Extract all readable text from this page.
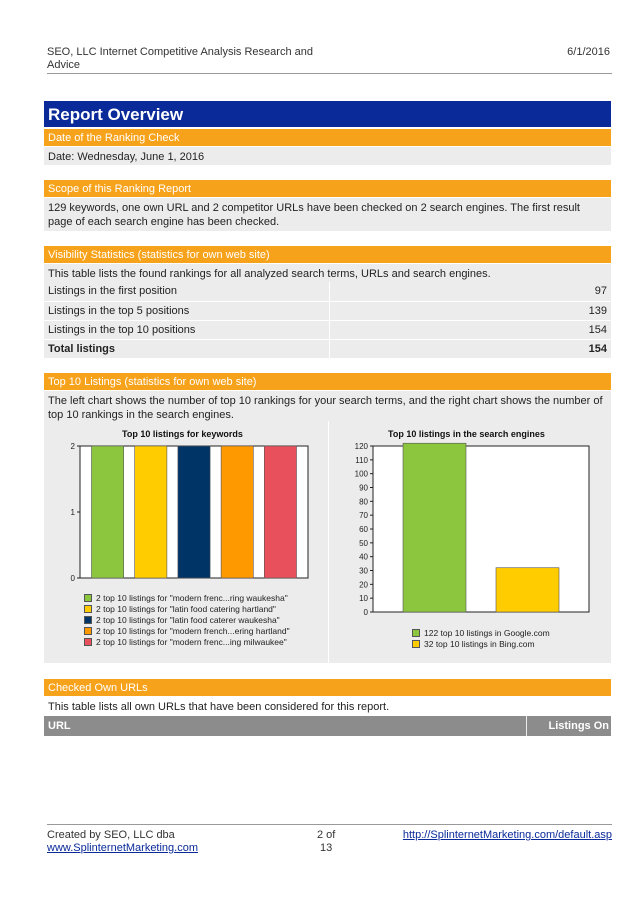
SEO, LLC Internet Competitive Analysis Research and Advice
6/1/2016
Report Overview
Date of the Ranking Check
Date: Wednesday, June 1, 2016
Scope of this Ranking Report
129 keywords, one own URL and 2 competitor URLs have been checked on 2 search engines. The first result page of each search engine has been checked.
Visibility Statistics (statistics for own web site)
This table lists the found rankings for all analyzed search terms, URLs and search engines.
Listings in the first position	97
Listings in the top 5 positions	139
Listings in the top 10 positions	154
Total listings	154
Top 10 Listings (statistics for own web site)
The left chart shows the number of top 10 rankings for your search terms, and the right chart shows the number of top 10 rankings in the search engines.
Top 10 listings for keywords
0
1
2
2 top 10 listings for "modern frenc...ring waukesha"
2 top 10 listings for "latin food catering hartland"
2 top 10 listings for "latin food caterer waukesha"
2 top 10 listings for "modern french...ering hartland"
2 top 10 listings for "modern frenc...ing milwaukee"
Top 10 listings in the search engines
0
10
20
30
40
50
60
70
80
90
100
110
120
122 top 10 listings in Google.com
32 top 10 listings in Bing.com
Checked Own URLs
This table lists all own URLs that have been considered for this report.
URL	Listings On
Created by SEO, LLC dba
www.SplinternetMarketing.com
2 of
13
http://SplinternetMarketing.com/default.asp
